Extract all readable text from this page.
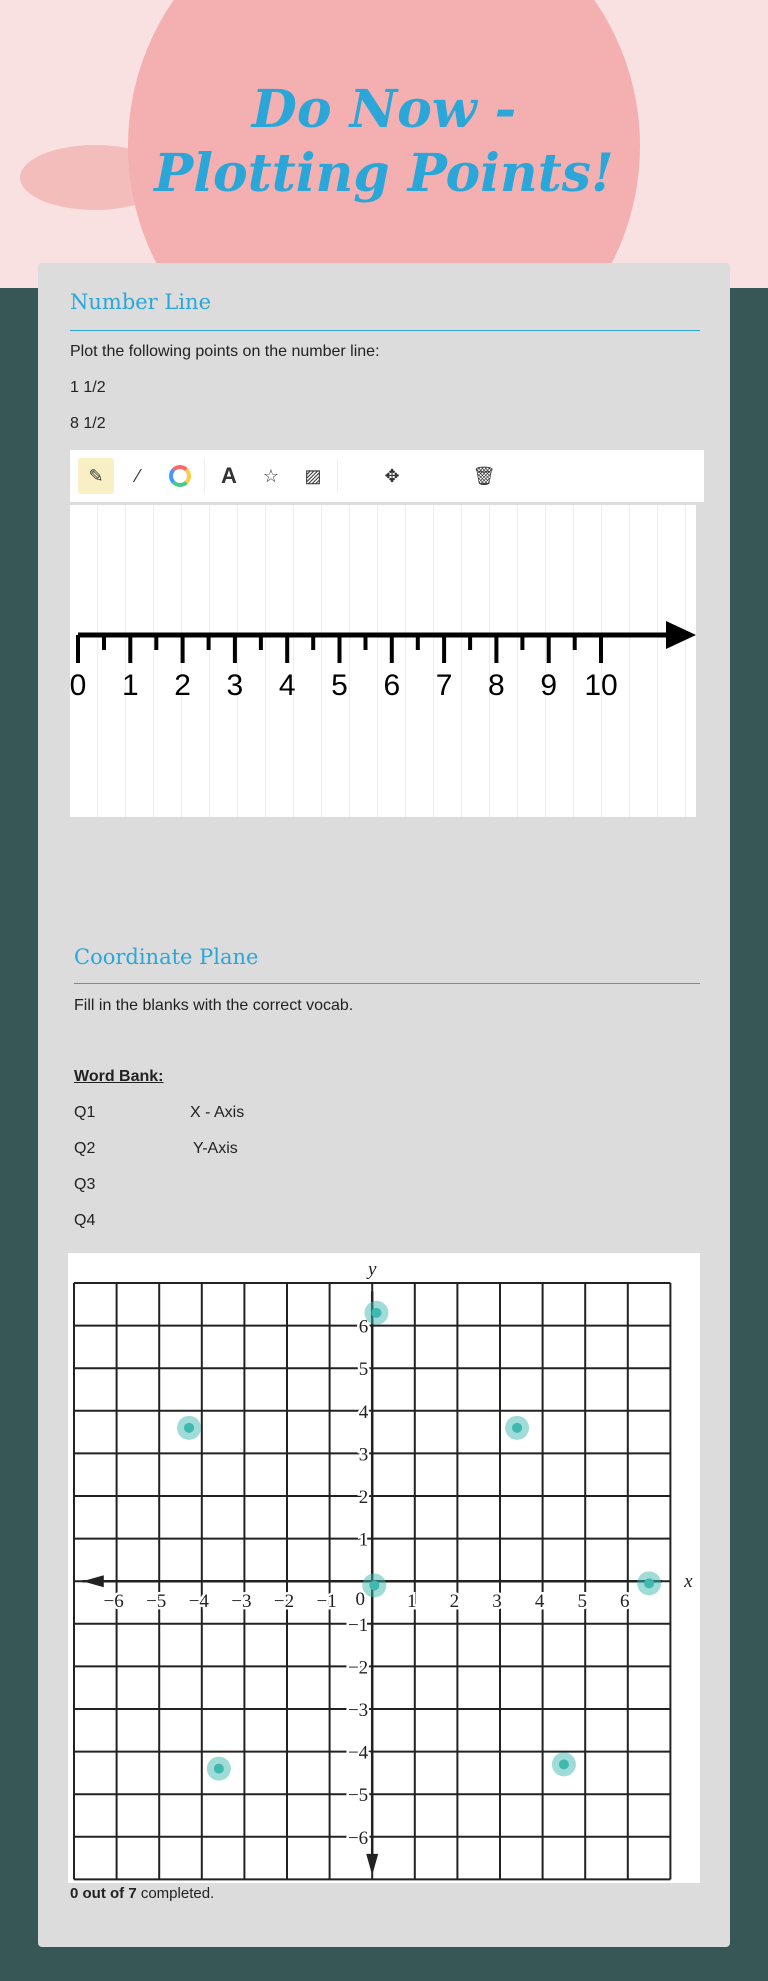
Do Now -
Plotting Points!
Number Line
Plot the following points on the number line:
1 1/2
8 1/2
✎	⁄	A	☆	▨	✥	🗑
0 1 2 3 4 5 6 7 8 9 10
Coordinate Plane
Fill in the blanks with the correct vocab.
Word Bank:
Q1	X - Axis
Q2	Y-Axis
Q3
Q4
−6 −5 −4 −3 −2 −1	1 2 3 4 5 6
−6
−5
−4
−3
−2
−1
1
2
3
4
5
6
0
x
y
0 out of 7 completed.
